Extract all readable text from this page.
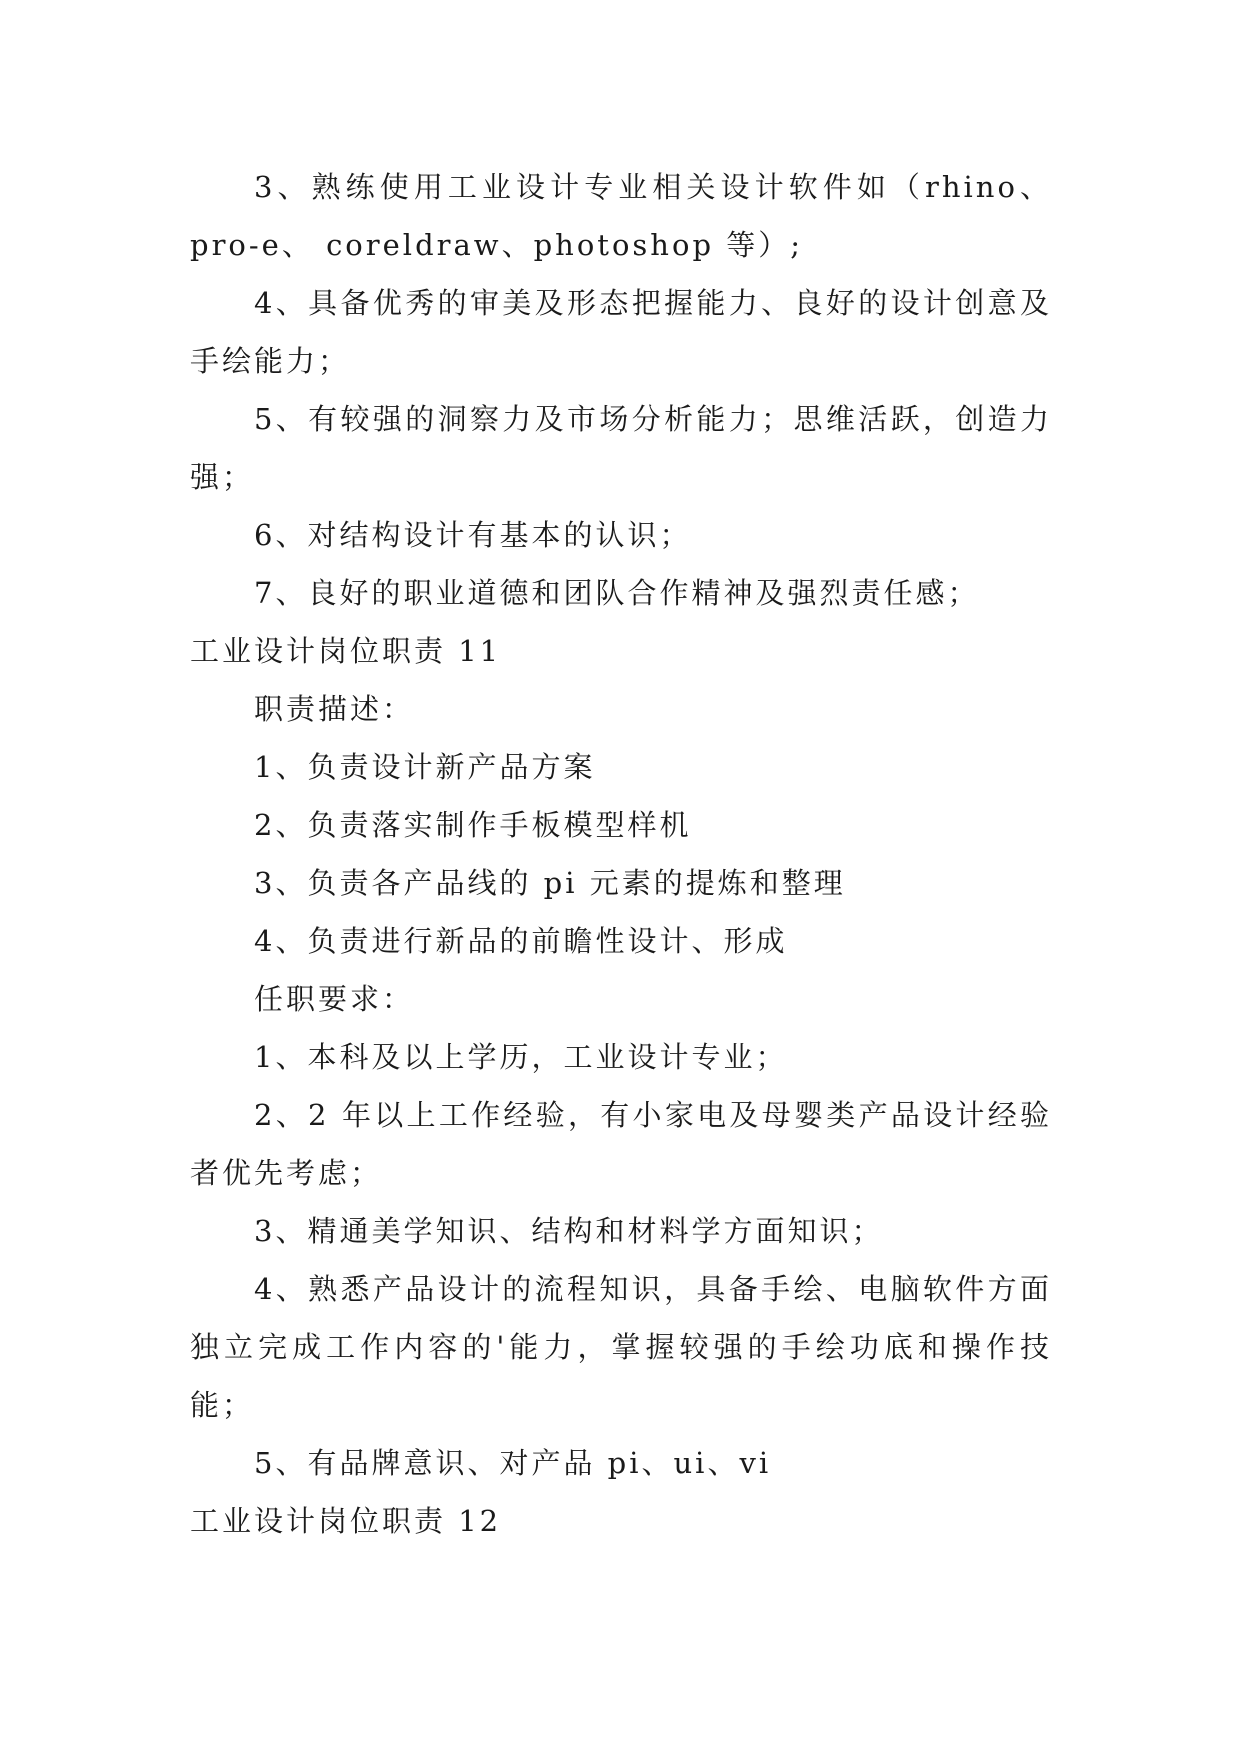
3、熟练使用工业设计专业相关设计软件如（rhino、pro-e、 coreldraw、photoshop 等）;

4、具备优秀的审美及形态把握能力、良好的设计创意及手绘能力；

5、有较强的洞察力及市场分析能力；思维活跃，创造力强；

6、对结构设计有基本的认识；

7、良好的职业道德和团队合作精神及强烈责任感；

工业设计岗位职责 11

职责描述：

1、负责设计新产品方案

2、负责落实制作手板模型样机

3、负责各产品线的 pi 元素的提炼和整理

4、负责进行新品的前瞻性设计、形成

任职要求：

1、本科及以上学历，工业设计专业；

2、2 年以上工作经验，有小家电及母婴类产品设计经验者优先考虑；

3、精通美学知识、结构和材料学方面知识；

4、熟悉产品设计的流程知识，具备手绘、电脑软件方面独立完成工作内容的'能力，掌握较强的手绘功底和操作技能；

5、有品牌意识、对产品 pi、ui、vi

工业设计岗位职责 12
